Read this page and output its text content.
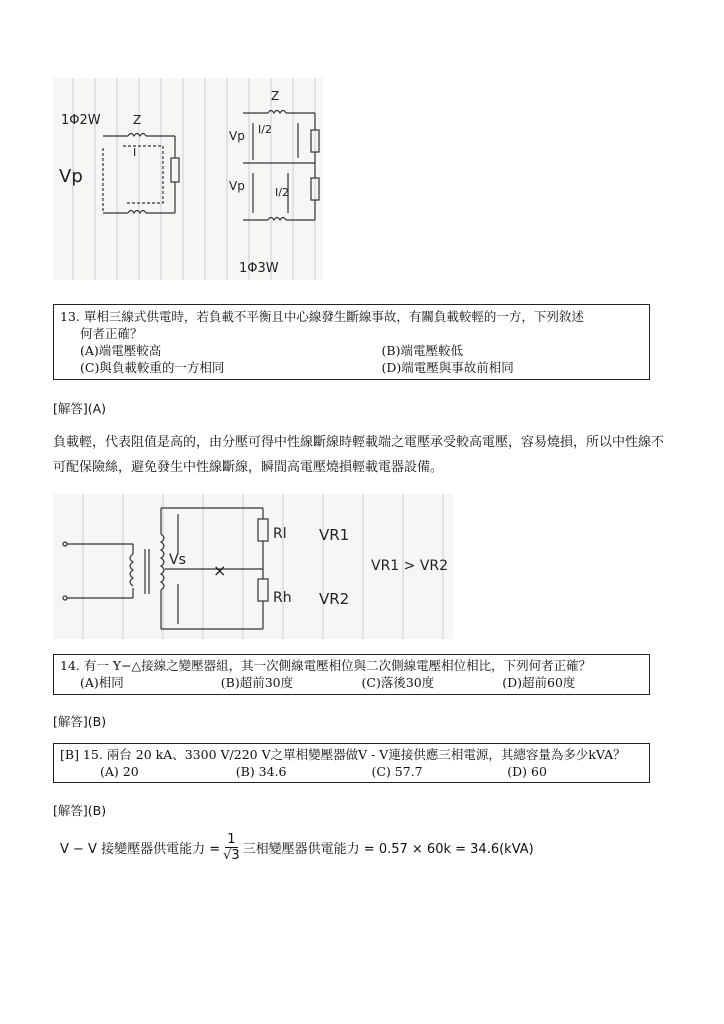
1Φ2W	Z
I
Vp
Z
I/2
I/2
Vp
Vp
1Φ3W
13. 單相三線式供電時，若負載不平衡且中心線發生斷線事故，有關負載較輕的一方，下列敘述
何者正確？
(A)端電壓較高	(B)端電壓較低
(C)與負載較重的一方相同	(D)端電壓與事故前相同
[解答](A)
負載輕，代表阻值是高的，由分壓可得中性線斷線時輕載端之電壓承受較高電壓，容易燒損，所以中性線不可配保險絲，避免發生中性線斷線，瞬間高電壓燒損輕載電器設備。
Vs
×
Rl
Rh
VR1
VR2
VR1 > VR2
14. 有一 Y−△接線之變壓器組，其一次側線電壓相位與二次側線電壓相位相比，下列何者正確？
(A)相同	(B)超前30度	(C)落後30度	(D)超前60度
[解答](B)
[B] 15. 兩台 20 kA、3300 V/220 V之單相變壓器做V - V連接供應三相電源，其總容量為多少kVA？
(A) 20	(B) 34.6	(C) 57.7	(D) 60
[解答](B)
V − V 接變壓器供電能力 = $\frac{1}{√3}$ 三相變壓器供電能力 = 0.57 × 60k = 34.6(kVA)
